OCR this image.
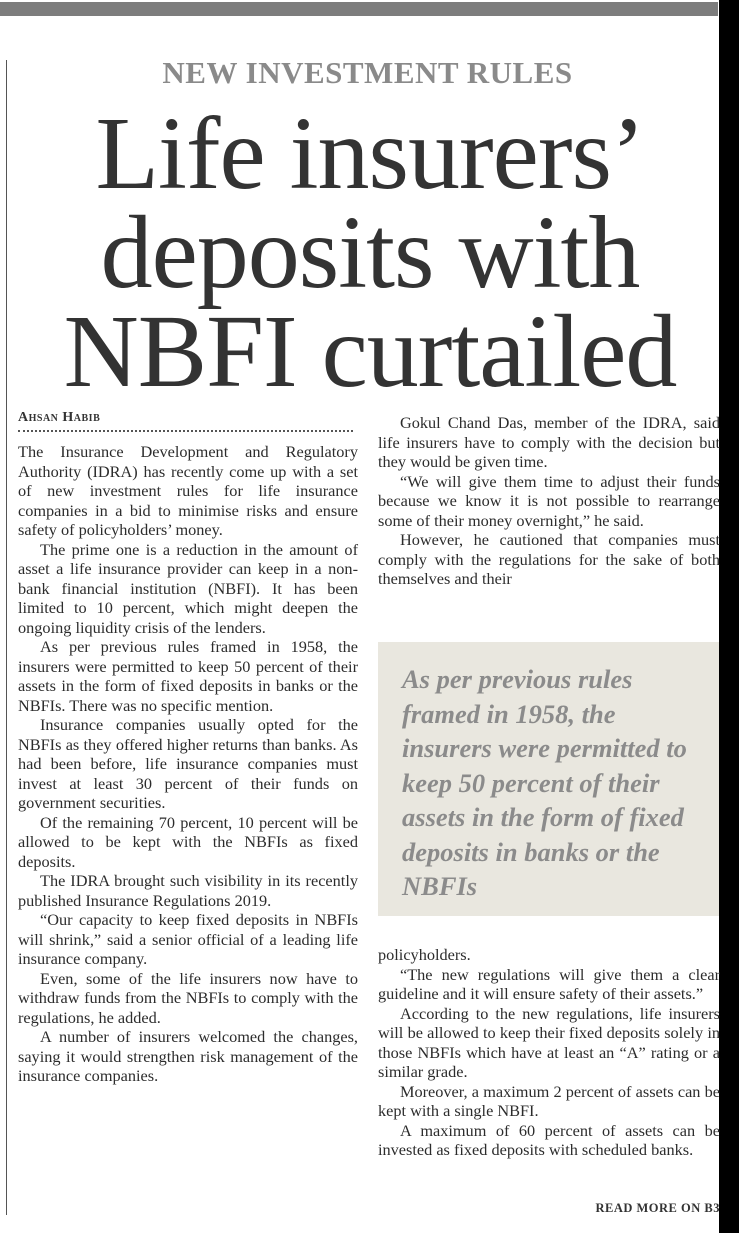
NEW INVESTMENT RULES
Life insurers’
deposits with
NBFI curtailed
Ahsan Habib

The Insurance Development and Regulatory Authority (IDRA) has recently come up with a set of new investment rules for life insurance companies in a bid to minimise risks and ensure safety of policyholders’ money.

The prime one is a reduction in the amount of asset a life insurance provider can keep in a non-bank financial institution (NBFI). It has been limited to 10 percent, which might deepen the ongoing liquidity crisis of the lenders.

As per previous rules framed in 1958, the insurers were permitted to keep 50 percent of their assets in the form of fixed deposits in banks or the NBFIs. There was no specific mention.

Insurance companies usually opted for the NBFIs as they offered higher returns than banks. As had been before, life insurance companies must invest at least 30 percent of their funds on government securities.

Of the remaining 70 percent, 10 percent will be allowed to be kept with the NBFIs as fixed deposits.

The IDRA brought such visibility in its recently published Insurance Regulations 2019.

“Our capacity to keep fixed deposits in NBFIs will shrink,” said a senior official of a leading life insurance company.

Even, some of the life insurers now have to withdraw funds from the NBFIs to comply with the regulations, he added.

A number of insurers welcomed the changes, saying it would strengthen risk management of the insurance companies.

Gokul Chand Das, member of the IDRA, said life insurers have to comply with the decision but they would be given time.

“We will give them time to adjust their funds because we know it is not possible to rearrange some of their money overnight,” he said.

However, he cautioned that companies must comply with the regulations for the sake of both themselves and their

As per previous rules framed in 1958, the insurers were permitted to keep 50 percent of their assets in the form of fixed deposits in banks or the NBFIs

policyholders.

“The new regulations will give them a clear guideline and it will ensure safety of their assets.”

According to the new regulations, life insurers will be allowed to keep their fixed deposits solely in those NBFIs which have at least an “A” rating or a similar grade.

Moreover, a maximum 2 percent of assets can be kept with a single NBFI.

A maximum of 60 percent of assets can be invested as fixed deposits with scheduled banks.

READ MORE ON B3
